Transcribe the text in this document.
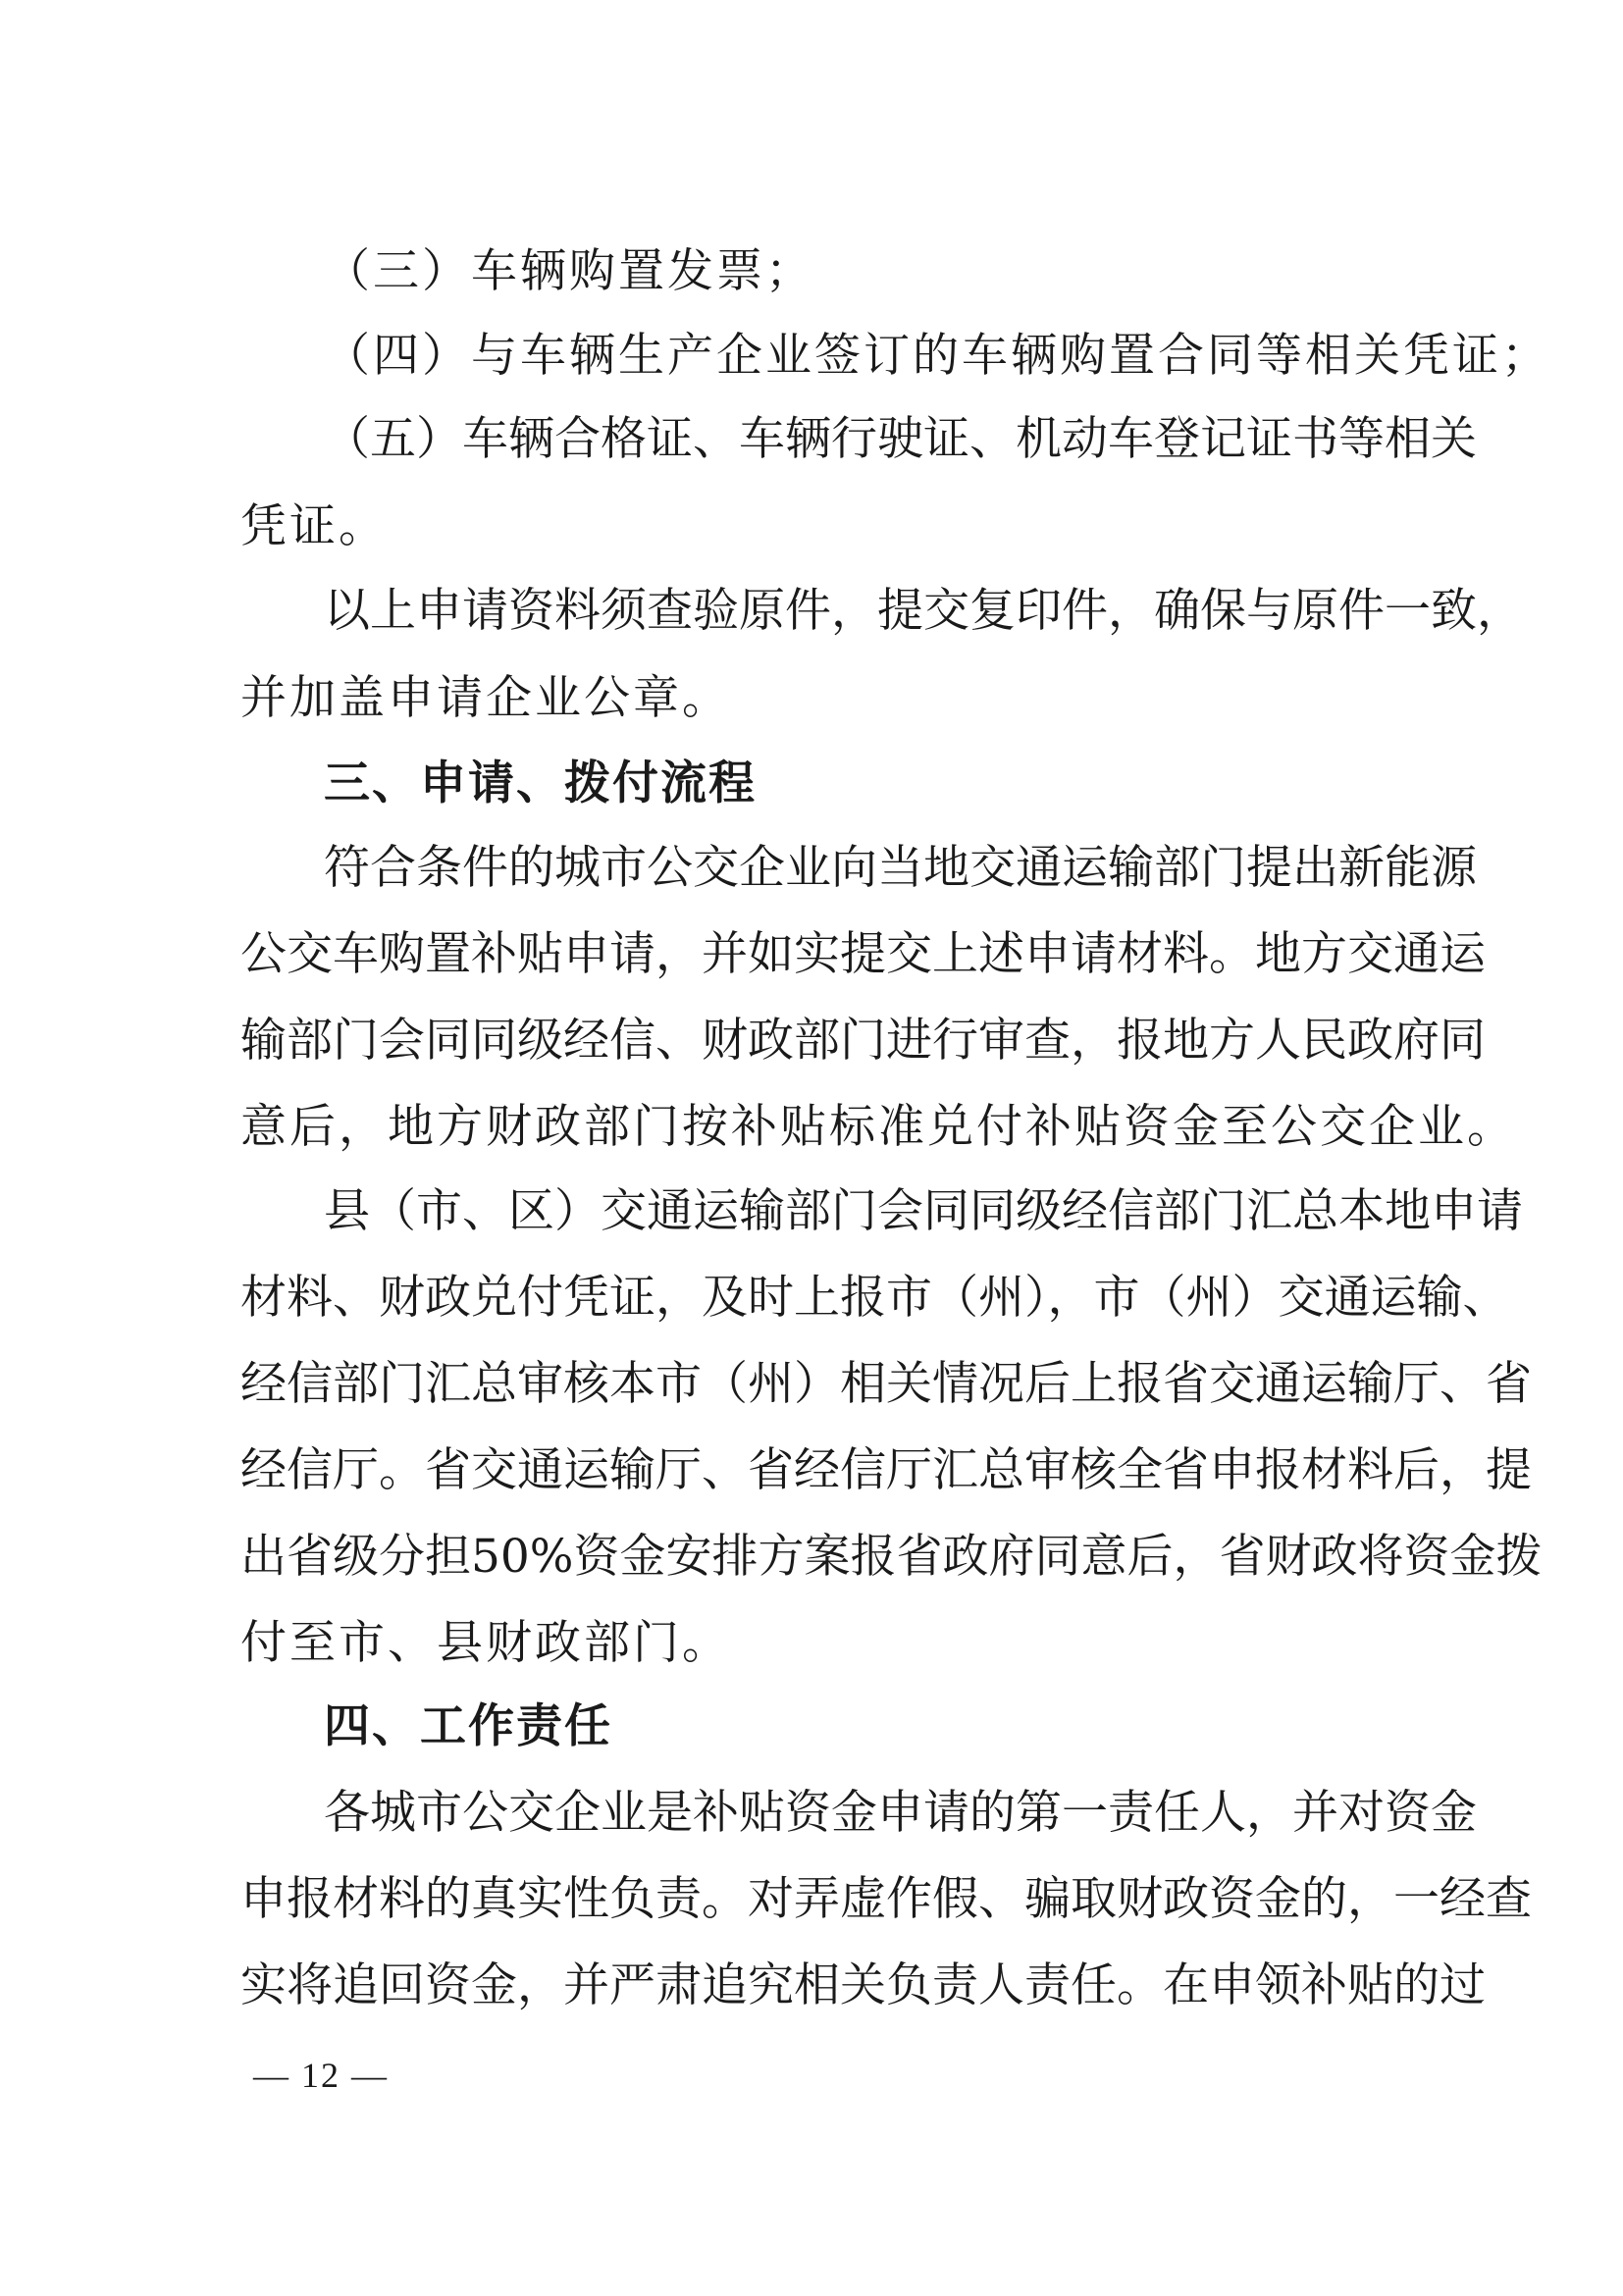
（三）车辆购置发票；

（四）与车辆生产企业签订的车辆购置合同等相关凭证；

（五）车辆合格证、车辆行驶证、机动车登记证书等相关

凭证。

以上申请资料须查验原件，提交复印件，确保与原件一致，

并加盖申请企业公章。

三、申请、拨付流程

符合条件的城市公交企业向当地交通运输部门提出新能源

公交车购置补贴申请，并如实提交上述申请材料。地方交通运

输部门会同同级经信、财政部门进行审查，报地方人民政府同

意后，地方财政部门按补贴标准兑付补贴资金至公交企业。

县（市、区）交通运输部门会同同级经信部门汇总本地申请

材料、财政兑付凭证，及时上报市（州），市（州）交通运输、

经信部门汇总审核本市（州）相关情况后上报省交通运输厅、省

经信厅。省交通运输厅、省经信厅汇总审核全省申报材料后，提

出省级分担50%资金安排方案报省政府同意后，省财政将资金拨

付至市、县财政部门。

四、工作责任

各城市公交企业是补贴资金申请的第一责任人，并对资金

申报材料的真实性负责。对弄虚作假、骗取财政资金的，一经查

实将追回资金，并严肃追究相关负责人责任。在申领补贴的过

— 12 —
